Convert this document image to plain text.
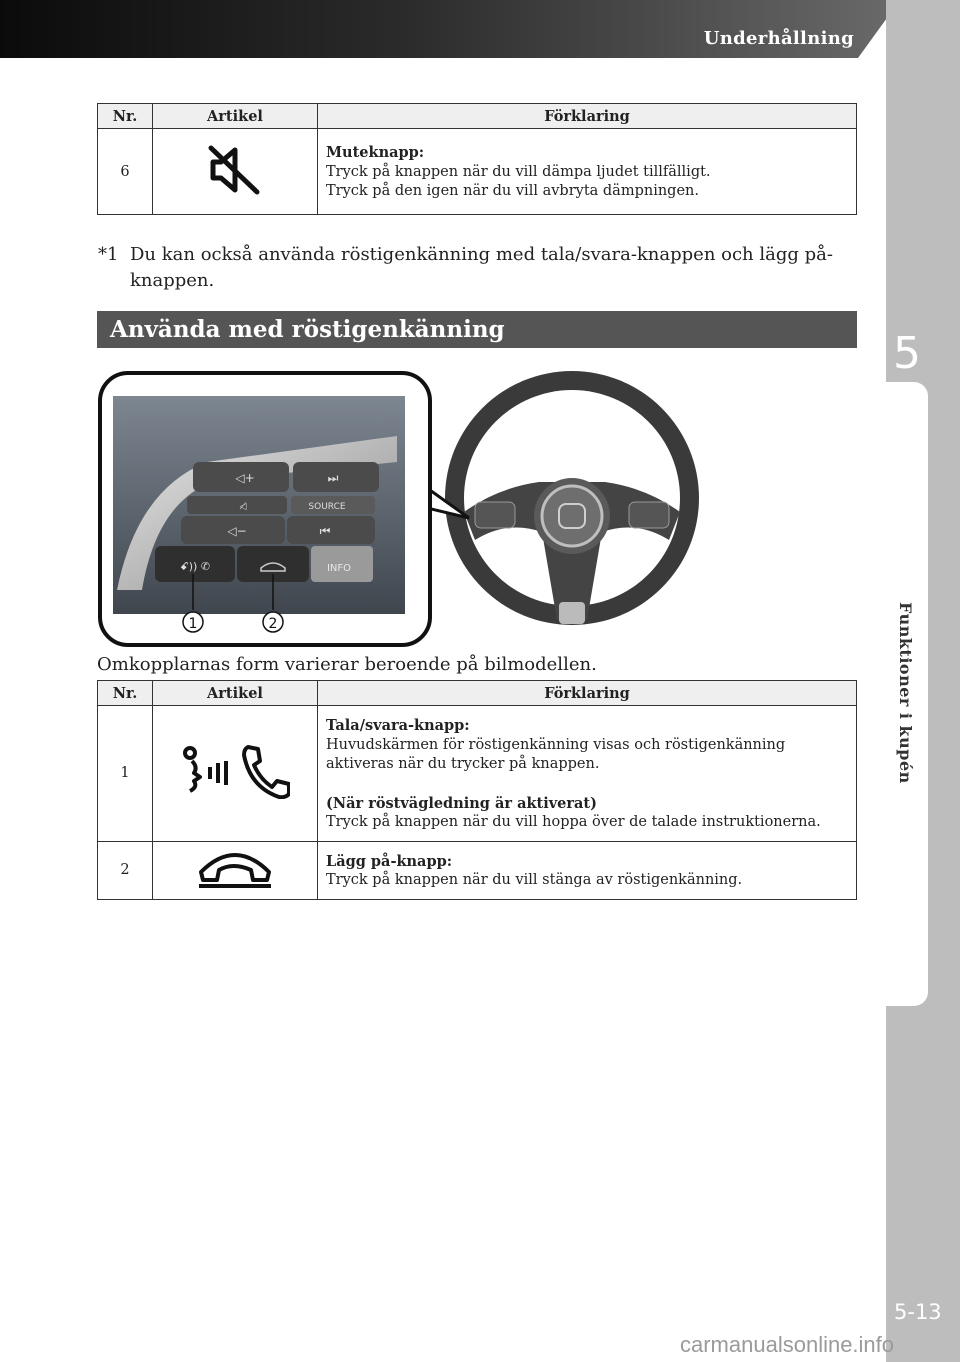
Underhållning
5
Funktioner i kupén
Nr.	Artikel	Förklaring
6		Muteknapp:
Tryck på knappen när du vill dämpa ljudet tillfälligt.
Tryck på den igen när du vill avbryta dämpningen.
*1 Du kan också använda röstigenkänning med tala/svara-knappen och lägg på-knappen.
Använda med röstigenkänning
◁+
◁̸
◁−
⏭
SOURCE
⏮
ꗃ)) ✆	INFO
1	2
Omkopplarnas form varierar beroende på bilmodellen.
Nr.	Artikel	Förklaring
1		Tala/svara-knapp:
Huvudskärmen för röstigenkänning visas och röstigenkänning aktiveras när du trycker på knappen.
(När röstvägledning är aktiverat)
Tryck på knappen när du vill hoppa över de talade instruktionerna.

2		Lägg på-knapp:
Tryck på knappen när du vill stänga av röstigenkänning.
5-13
carmanualsonline.info
